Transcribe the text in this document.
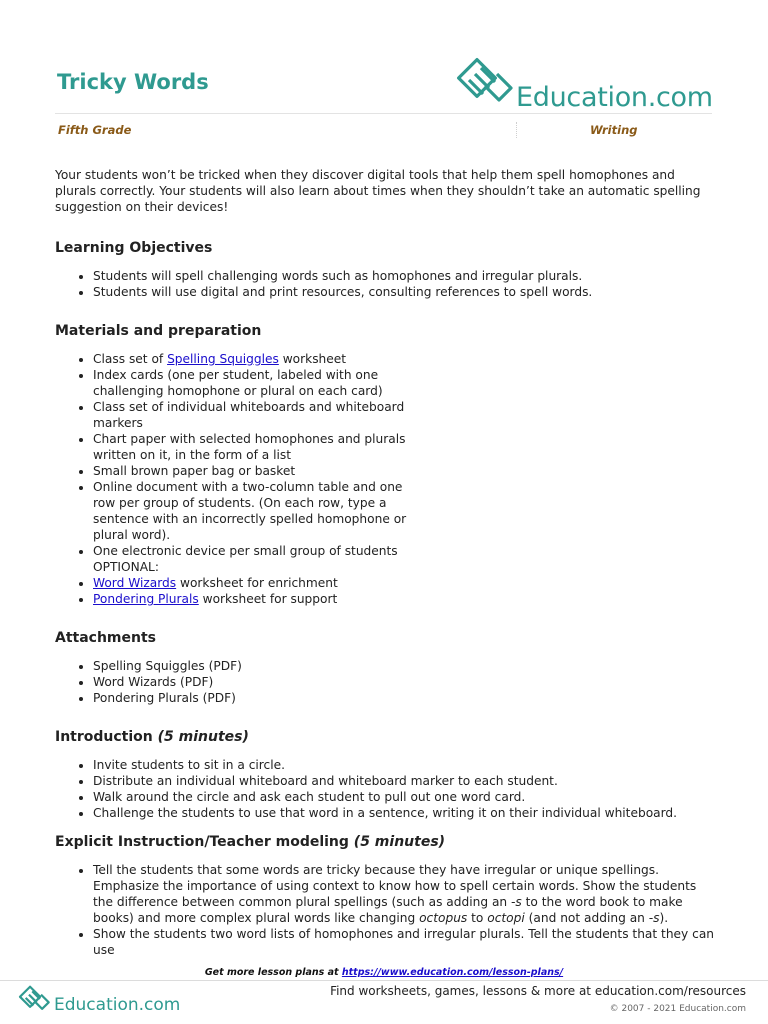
Tricky Words	Education.com
Fifth Grade	Writing

Your students won’t be tricked when they discover digital tools that help them spell homophones and plurals correctly. Your students will also learn about times when they shouldn’t take an automatic spelling suggestion on their devices!

Learning Objectives
• Students will spell challenging words such as homophones and irregular plurals.
• Students will use digital and print resources, consulting references to spell words.
Materials and preparation
• Class set of Spelling Squiggles worksheet
• Index cards (one per student, labeled with one challenging homophone or plural on each card)
• Class set of individual whiteboards and whiteboard markers
• Chart paper with selected homophones and plurals written on it, in the form of a list
• Small brown paper bag or basket
• Online document with a two-column table and one row per group of students. (On each row, type a sentence with an incorrectly spelled homophone or plural word).
• One electronic device per small group of students OPTIONAL:
• Word Wizards worksheet for enrichment
• Pondering Plurals worksheet for support
Attachments
• Spelling Squiggles (PDF)
• Word Wizards (PDF)
• Pondering Plurals (PDF)
Introduction (5 minutes)
• Invite students to sit in a circle.
• Distribute an individual whiteboard and whiteboard marker to each student.
• Walk around the circle and ask each student to pull out one word card.
• Challenge the students to use that word in a sentence, writing it on their individual whiteboard.
Explicit Instruction/Teacher modeling (5 minutes)
• Tell the students that some words are tricky because they have irregular or unique spellings. Emphasize the importance of using context to know how to spell certain words. Show the students the difference between common plural spellings (such as adding an -s to the word book to make books) and more complex plural words like changing octopus to octopi (and not adding an -s).
• Show the students two word lists of homophones and irregular plurals. Tell the students that they can use
Get more lesson plans at https://www.education.com/lesson-plans/
Education.com
Find worksheets, games, lessons & more at education.com/resources
© 2007 - 2021 Education.com
